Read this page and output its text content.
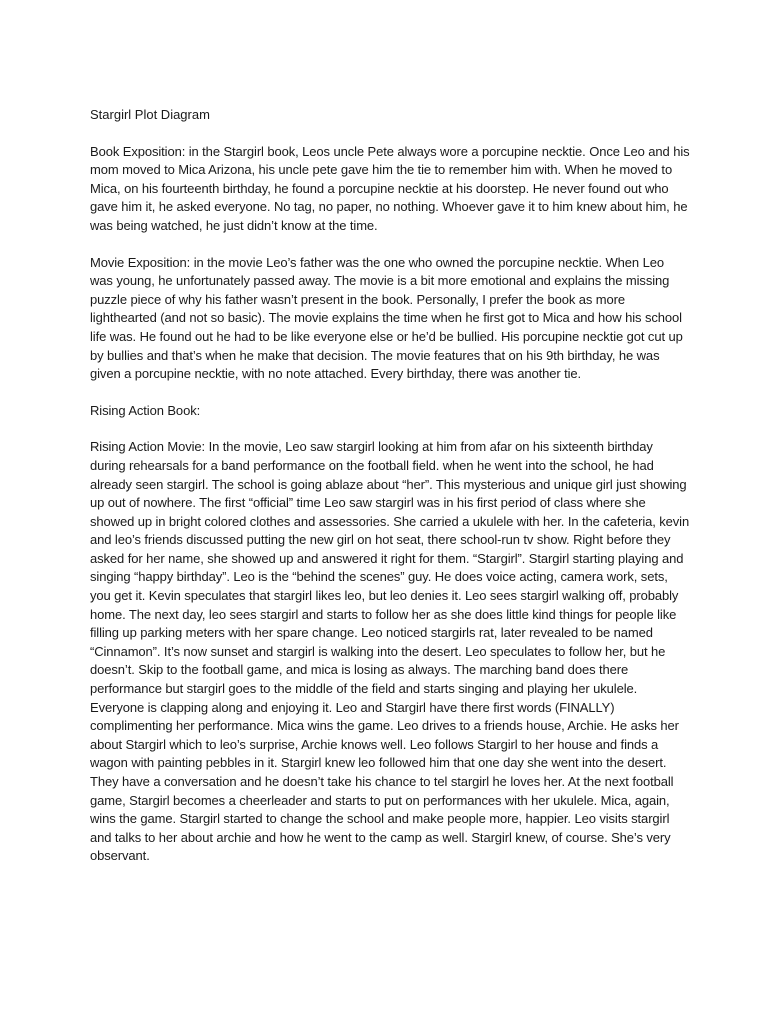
Stargirl Plot Diagram

Book Exposition: in the Stargirl book, Leos uncle Pete always wore a porcupine necktie. Once Leo and his mom moved to Mica Arizona, his uncle pete gave him the tie to remember him with. When he moved to Mica, on his fourteenth birthday, he found a porcupine necktie at his doorstep. He never found out who gave him it, he asked everyone. No tag, no paper, no nothing. Whoever gave it to him knew about him, he was being watched, he just didn’t know at the time.

Movie Exposition: in the movie Leo’s father was the one who owned the porcupine necktie. When Leo was young, he unfortunately passed away. The movie is a bit more emotional and explains the missing puzzle piece of why his father wasn’t present in the book. Personally, I prefer the book as more lighthearted (and not so basic). The movie explains the time when he first got to Mica and how his school life was. He found out he had to be like everyone else or he’d be bullied. His porcupine necktie got cut up by bullies and that’s when he make that decision. The movie features that on his 9th birthday, he was given a porcupine necktie, with no note attached. Every birthday, there was another tie.

Rising Action Book:

Rising Action Movie: In the movie, Leo saw stargirl looking at him from afar on his sixteenth birthday during rehearsals for a band performance on the football field. when he went into the school, he had already seen stargirl. The school is going ablaze about “her”. This mysterious and unique girl just showing up out of nowhere. The first “official” time Leo saw stargirl was in his first period of class where she showed up in bright colored clothes and assessories. She carried a ukulele with her. In the cafeteria, kevin and leo’s friends discussed putting the new girl on hot seat, there school-run tv show. Right before they asked for her name, she showed up and answered it right for them. “Stargirl”. Stargirl starting playing and singing “happy birthday”. Leo is the “behind the scenes” guy. He does voice acting, camera work, sets, you get it. Kevin speculates that stargirl likes leo, but leo denies it. Leo sees stargirl walking off, probably home. The next day, leo sees stargirl and starts to follow her as she does little kind things for people like filling up parking meters with her spare change. Leo noticed stargirls rat, later revealed to be named “Cinnamon”. It’s now sunset and stargirl is walking into the desert. Leo speculates to follow her, but he doesn’t. Skip to the football game, and mica is losing as always. The marching band does there performance but stargirl goes to the middle of the field and starts singing and playing her ukulele. Everyone is clapping along and enjoying it. Leo and Stargirl have there first words (FINALLY) complimenting her performance. Mica wins the game. Leo drives to a friends house, Archie. He asks her about Stargirl which to leo’s surprise, Archie knows well. Leo follows Stargirl to her house and finds a wagon with painting pebbles in it. Stargirl knew leo followed him that one day she went into the desert. They have a conversation and he doesn’t take his chance to tel stargirl he loves her. At the next football game, Stargirl becomes a cheerleader and starts to put on performances with her ukulele. Mica, again, wins the game. Stargirl started to change the school and make people more, happier. Leo visits stargirl and talks to her about archie and how he went to the camp as well. Stargirl knew, of course. She’s very observant.
